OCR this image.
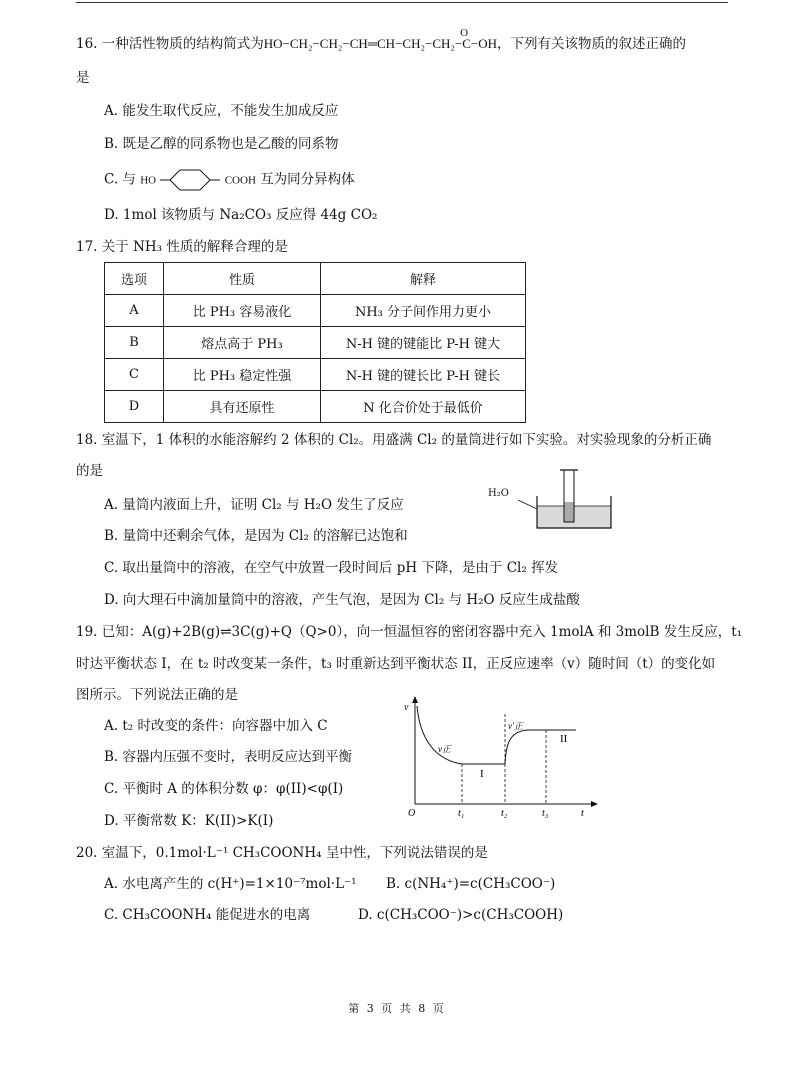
16. 一种活性物质的结构简式为HO−CH₂−CH₂−CH═CH−CH₂−CH₂−C−OH
O
，下列有关该物质的叙述正确的
是
A. 能发生取代反应，不能发生加成反应
B. 既是乙醇的同系物也是乙酸的同系物
C. 与 HO	COOH 互为同分异构体
D. 1mol 该物质与 Na₂CO₃ 反应得 44g CO₂
17. 关于 NH₃ 性质的解释合理的是
选项	性质	解释
A	比 PH₃ 容易液化	NH₃ 分子间作用力更小
B	熔点高于 PH₃	N-H 键的键能比 P-H 键大
C	比 PH₃ 稳定性强	N-H 键的键长比 P-H 键长
D	具有还原性	N 化合价处于最低价
18. 室温下，1 体积的水能溶解约 2 体积的 Cl₂。用盛满 Cl₂ 的量筒进行如下实验。对实验现象的分析正确
的是
A. 量筒内液面上升，证明 Cl₂ 与 H₂O 发生了反应
B. 量筒中还剩余气体，是因为 Cl₂ 的溶解已达饱和
C. 取出量筒中的溶液，在空气中放置一段时间后 pH 下降，是由于 Cl₂ 挥发
D. 向大理石中滴加量筒中的溶液，产生气泡，是因为 Cl₂ 与 H₂O 反应生成盐酸
H₂O
19. 已知：A(g)+2B(g)⇌3C(g)+Q（Q>0），向一恒温恒容的密闭容器中充入 1molA 和 3molB 发生反应，t₁
时达平衡状态 I，在 t₂ 时改变某一条件，t₃ 时重新达到平衡状态 II，正反应速率（v）随时间（t）的变化如
图所示。下列说法正确的是
A. t₂ 时改变的条件：向容器中加入 C
B. 容器内压强不变时，表明反应达到平衡
C. 平衡时 A 的体积分数 φ：φ(II)<φ(I)
D. 平衡常数 K：K(II)>K(I)
v
t
O	t₁	t₂	t₃
v正
v′正
I
II
20. 室温下，0.1mol·L⁻¹ CH₃COONH₄ 呈中性，下列说法错误的是
A. 水电离产生的 c(H⁺)=1×10⁻⁷mol·L⁻¹ B. c(NH₄⁺)=c(CH₃COO⁻)
C. CH₃COONH₄ 能促进水的电离	D. c(CH₃COO⁻)>c(CH₃COOH)
第 3 页 共 8 页
